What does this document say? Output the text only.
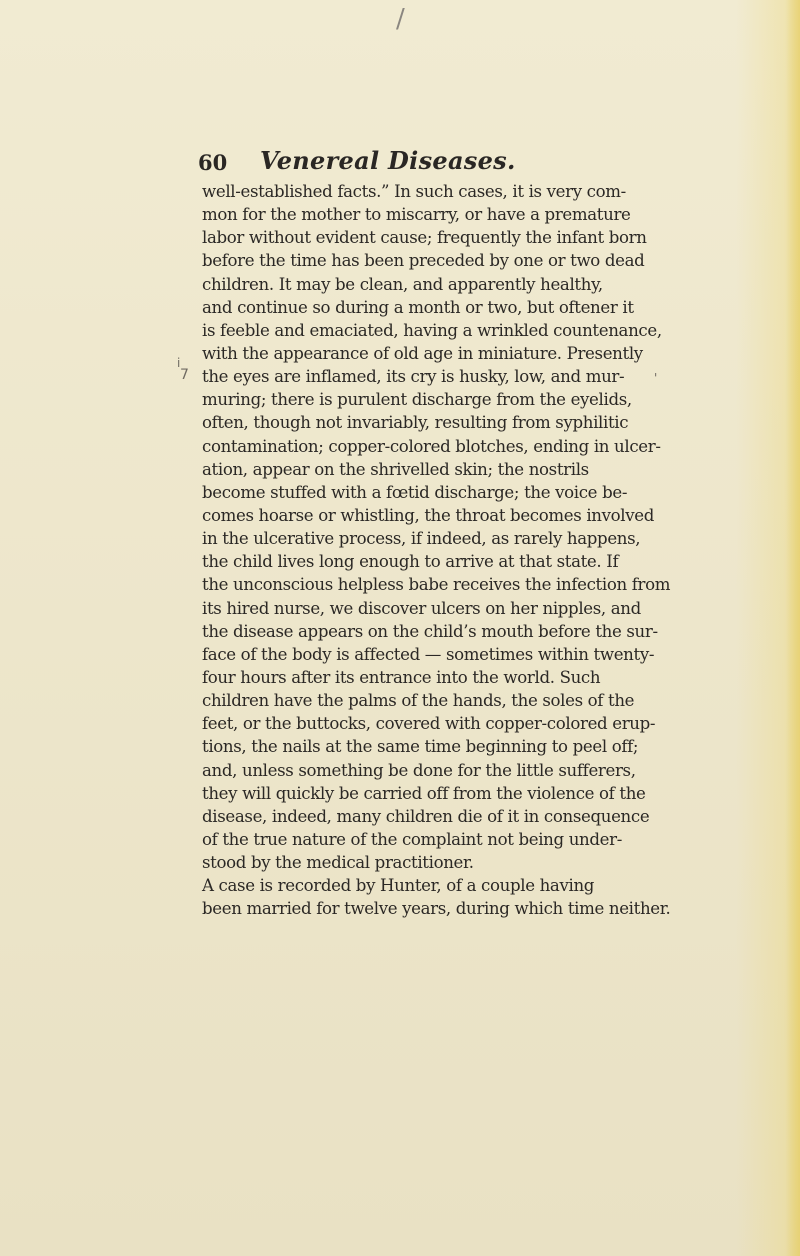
/
60 Venereal Diseases.
i
7	'
well-established facts.” In such cases, it is very com-
mon for the mother to miscarry, or have a premature
labor without evident cause; frequently the infant born
before the time has been preceded by one or two dead
children. It may be clean, and apparently healthy,
and continue so during a month or two, but oftener it
is feeble and emaciated, having a wrinkled countenance,
with the appearance of old age in miniature. Presently
the eyes are inflamed, its cry is husky, low, and mur-
muring; there is purulent discharge from the eyelids,
often, though not invariably, resulting from syphilitic
contamination; copper-colored blotches, ending in ulcer-
ation, appear on the shrivelled skin; the nostrils
become stuffed with a fœtid discharge; the voice be-
comes hoarse or whistling, the throat becomes involved
in the ulcerative process, if indeed, as rarely happens,
the child lives long enough to arrive at that state. If
the unconscious helpless babe receives the infection from
its hired nurse, we discover ulcers on her nipples, and
the disease appears on the child’s mouth before the sur-
face of the body is affected — sometimes within twenty-
four hours after its entrance into the world. Such
children have the palms of the hands, the soles of the
feet, or the buttocks, covered with copper-colored erup-
tions, the nails at the same time beginning to peel off;
and, unless something be done for the little sufferers,
they will quickly be carried off from the violence of the
disease, indeed, many children die of it in consequence
of the true nature of the complaint not being under-
stood by the medical practitioner.
A case is recorded by Hunter, of a couple having
been married for twelve years, during which time neither.
